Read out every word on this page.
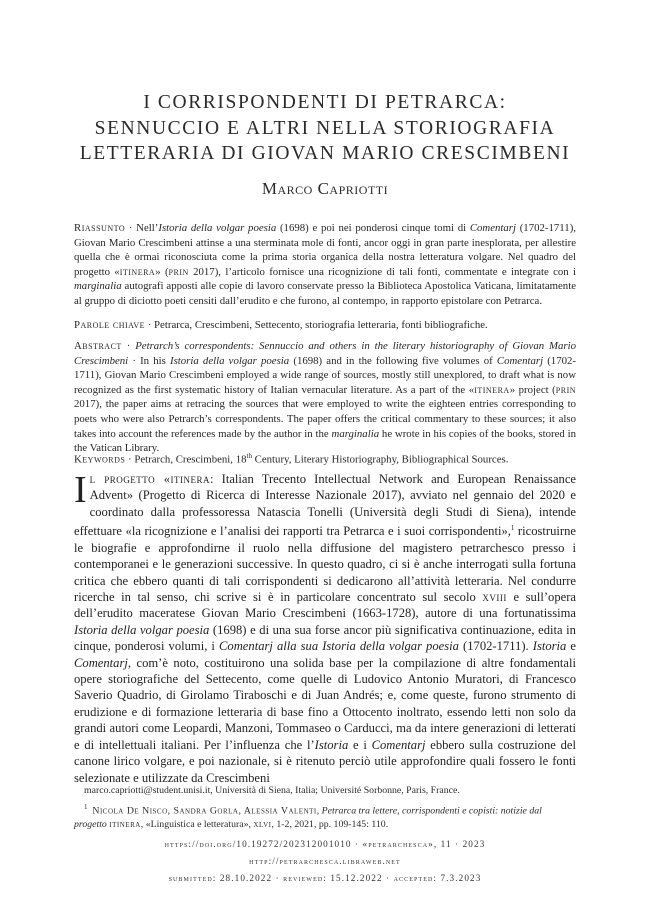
I CORRISPONDENTI DI PETRARCA:
SENNUCCIO E ALTRI NELLA STORIOGRAFIA
LETTERARIA DI GIOVAN MARIO CRESCIMBENI
Marco Capriotti
Riassunto · Nell’Istoria della volgar poesia (1698) e poi nei ponderosi cinque tomi di Comentarj (1702-1711), Giovan Mario Crescimbeni attinse a una sterminata mole di fonti, ancor oggi in gran parte inesplorata, per allestire quella che è ormai riconosciuta come la prima storia organica della nostra letteratura volgare. Nel quadro del progetto «itinera» (prin 2017), l’articolo fornisce una ricognizione di tali fonti, commentate e integrate con i marginalia autografi apposti alle copie di lavoro conservate presso la Biblioteca Apostolica Vaticana, limitatamente al gruppo di diciotto poeti censiti dall’erudito e che furono, al contempo, in rapporto epistolare con Petrarca.
Parole chiave · Petrarca, Crescimbeni, Settecento, storiografia letteraria, fonti bibliografiche.
Abstract · Petrarch’s correspondents: Sennuccio and others in the literary historiography of Giovan Mario Crescimbeni · In his Istoria della volgar poesia (1698) and in the following five volumes of Comentarj (1702-1711), Giovan Mario Crescimbeni employed a wide range of sources, mostly still unexplored, to draft what is now recognized as the first systematic history of Italian vernacular literature. As a part of the «itinera» project (prin 2017), the paper aims at retracing the sources that were employed to write the eighteen entries corresponding to poets who were also Petrarch’s correspondents. The paper offers the critical commentary to these sources; it also takes into account the references made by the author in the marginalia he wrote in his copies of the books, stored in the Vatican Library.
Keywords · Petrarch, Crescimbeni, 18th Century, Literary Historiography, Bibliographical Sources.
Il progetto «itinera: Italian Trecento Intellectual Network and European Renaissance Advent» (Progetto di Ricerca di Interesse Nazionale 2017), avviato nel gennaio del 2020 e coordinato dalla professoressa Natascia Tonelli (Università degli Studi di Siena), intende effettuare «la ricognizione e l’analisi dei rapporti tra Petrarca e i suoi corrispondenti»,$^1$ ricostruirne le biografie e approfondirne il ruolo nella diffusione del magistero petrarchesco presso i contemporanei e le generazioni successive. In questo quadro, ci si è anche interrogati sulla fortuna critica che ebbero quanti di tali corrispondenti si dedicarono all’attività letteraria. Nel condurre ricerche in tal senso, chi scrive si è in particolare concentrato sul secolo xviii e sull’opera dell’erudito maceratese Giovan Mario Crescimbeni (1663-1728), autore di una fortunatissima Istoria della volgar poesia (1698) e di una sua forse ancor più significativa continuazione, edita in cinque, ponderosi volumi, i Comentarj alla sua Istoria della volgar poesia (1702-1711). Istoria e Comentarj, com’è noto, costituirono una solida base per la compilazione di altre fondamentali opere storiografiche del Settecento, come quelle di Ludovico Antonio Muratori, di Francesco Saverio Quadrio, di Girolamo Tiraboschi e di Juan Andrés; e, come queste, furono strumento di erudizione e di formazione letteraria di base fino a Ottocento inoltrato, essendo letti non solo da grandi autori come Leopardi, Manzoni, Tommaseo o Carducci, ma da intere generazioni di letterati e di intellettuali italiani. Per l’influenza che l’Istoria e i Comentarj ebbero sulla costruzione del canone lirico volgare, e poi nazionale, si è ritenuto perciò utile approfondire quali fossero le fonti selezionate e utilizzate da Crescimbeni
marco.capriotti@student.unisi.it, Università di Siena, Italia; Université Sorbonne, Paris, France.
$^1$ Nicola De Nisco, Sandra Gorla, Alessia Valenti, Petrarca tra lettere, corrispondenti e copisti: notizie dal progetto itinera, «Linguistica e letteratura», xlvi, 1-2, 2021, pp. 109-145: 110.
https://doi.org/10.19272/202312001010 · «petrarchesca», 11 · 2023
http://petrarchesca.libraweb.net
submitted: 28.10.2022 · reviewed: 15.12.2022 · accepted: 7.3.2023
